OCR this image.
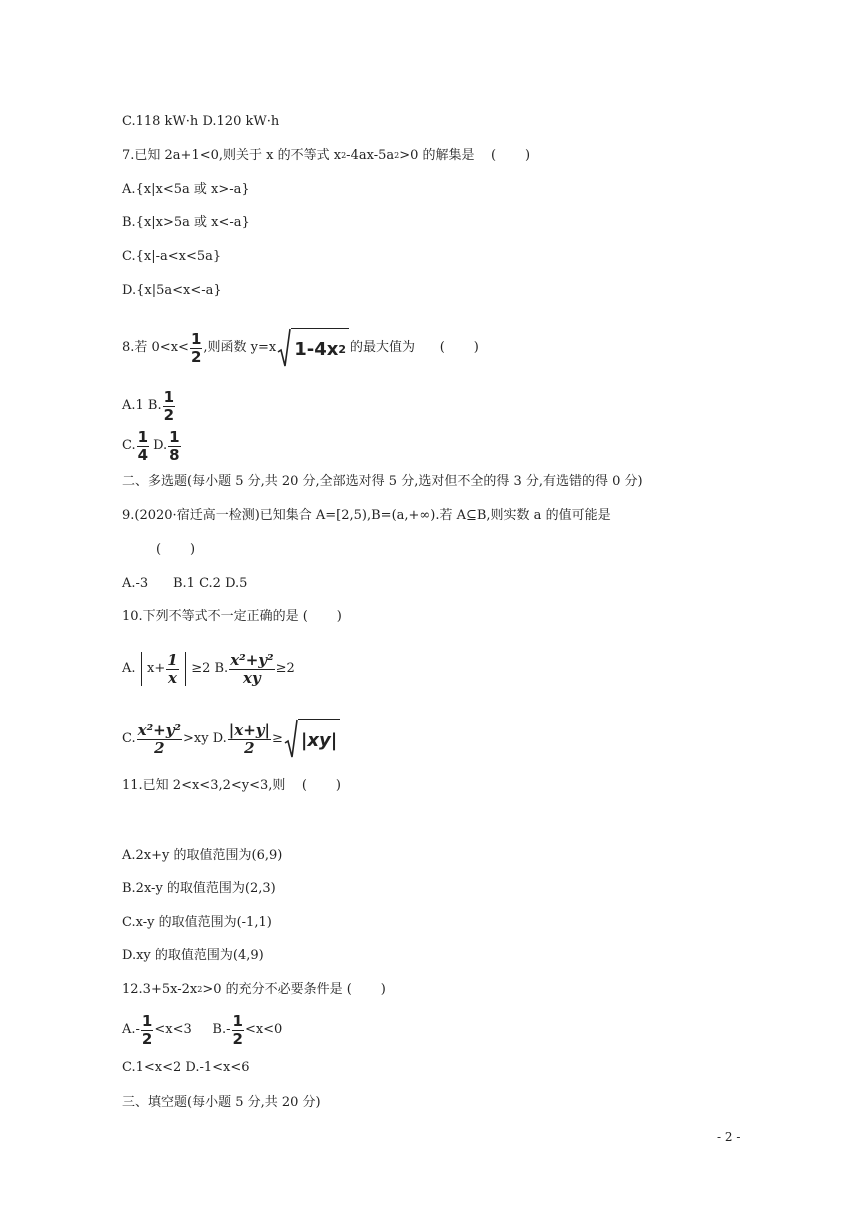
C.118 kW·h D.120 kW·h
7.已知 2a+1<0,则关于 x 的不等式 x 2 -4ax-5a 2 >0 的解集是    (       )
A.{x|x<5a 或 x>-a}
B.{x|x>5a 或 x<-a}
C.{x|-a<x<5a}
D.{x|5a<x<-a}
8.若 $0<x< \frac{1}{2}$ ,则函数 y=x 1-4x 2 的最大值为      (       )
A.1 B. $\frac{1}{2}$
C. $\frac{1}{4} D$. $\frac{1}{8}$
二、多选题(每小题 5 分,共 20 分,全部选对得 5 分,选对但不全的得 3 分,有选错的得 0 分)
9.(2020·宿迁高一检测)已知集合 A=[2,5),B=(a,+∞).若 A⊆B,则实数 a 的值可能是
(       )
A.-3      B.1 C.2 D.5
10.下列不等式不一定正确的是 (       )
A. $x+ \frac{1}{x} \ge 2$ B. $\frac{\text{x²+y²}}{xy} \ge 2$
C. $\frac{\text{x²+y²}}{2} >xy$ D. $\frac{|x+y|}{2} \ge |xy|$
11.已知 2<x<3,2<y<3,则    (       )
A.2x+y 的取值范围为(6,9)
B.2x-y 的取值范围为(2,3)
C.x-y 的取值范围为(-1,1)
D.xy 的取值范围为(4,9)
12.3+5x-2x 2 >0 的充分不必要条件是 (       )
$A.- \frac{1}{2} <x<3$     $B.- \frac{1}{2} <x<0$
C.1<x<2 D.-1<x<6
三、填空题(每小题 5 分,共 20 分)
- 2 -
